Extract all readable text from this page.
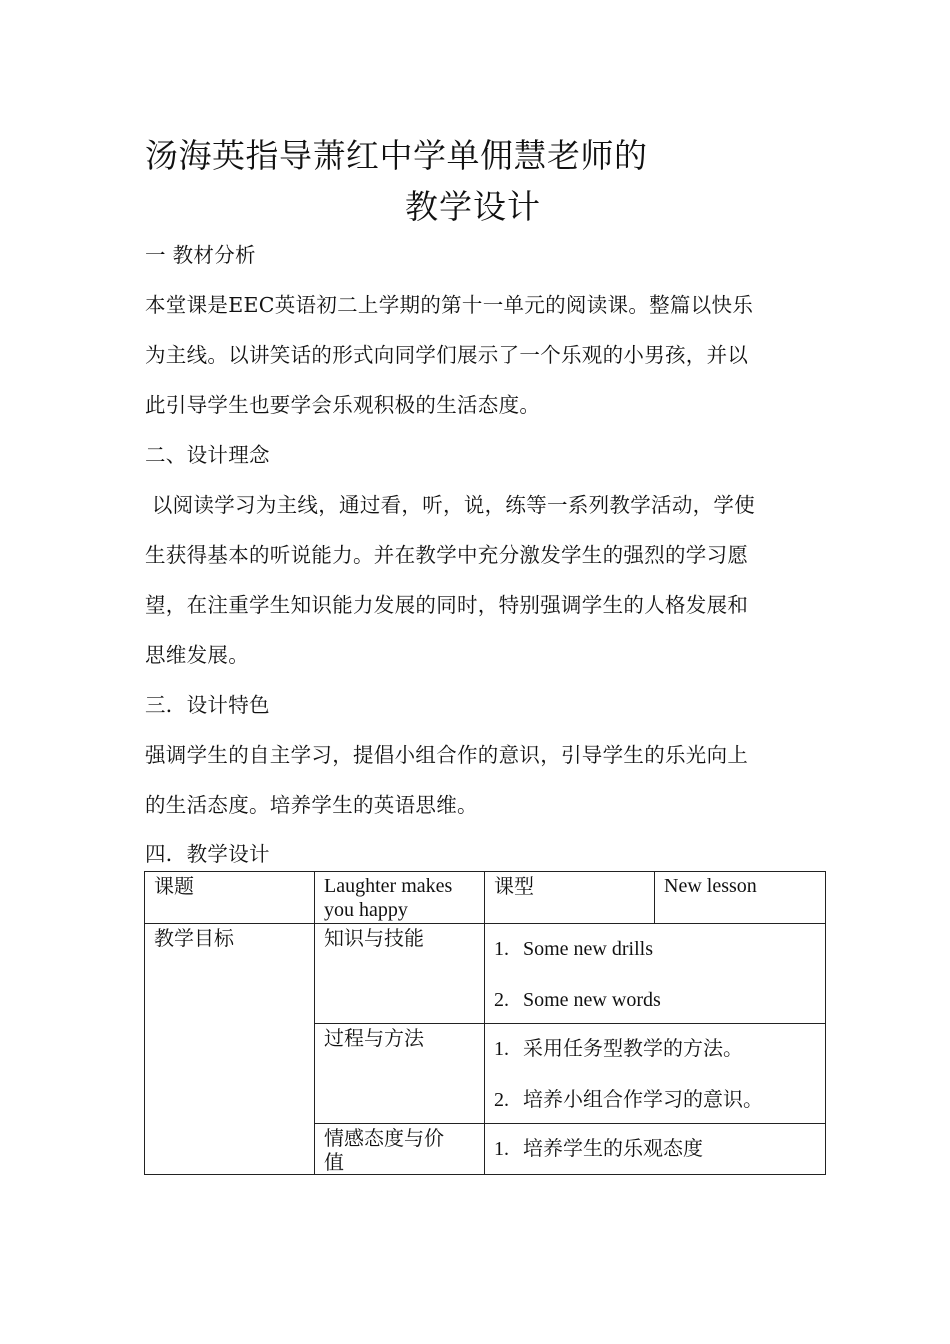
汤海英指导萧红中学单佣慧老师的
教学设计
一 教材分析
本堂课是EEC英语初二上学期的第十一单元的阅读课。整篇以快乐
为主线。以讲笑话的形式向同学们展示了一个乐观的小男孩，并以
此引导学生也要学会乐观积极的生活态度。
二、设计理念
以阅读学习为主线，通过看，听，说，练等一系列教学活动，学使
生获得基本的听说能力。并在教学中充分激发学生的强烈的学习愿
望，在注重学生知识能力发展的同时，特别强调学生的人格发展和
思维发展。
三．设计特色
强调学生的自主学习，提倡小组合作的意识，引导学生的乐光向上
的生活态度。培养学生的英语思维。
四．教学设计
课题	Laughter makes you happy	课型	New lesson
教学目标	知识与技能	1. Some new drills
2. Some new words	

	过程与方法	1. 采用任务型教学的方法。
2. 培养小组合作学习的意识。	

	情感态度与价值	1. 培养学生的乐观态度	
